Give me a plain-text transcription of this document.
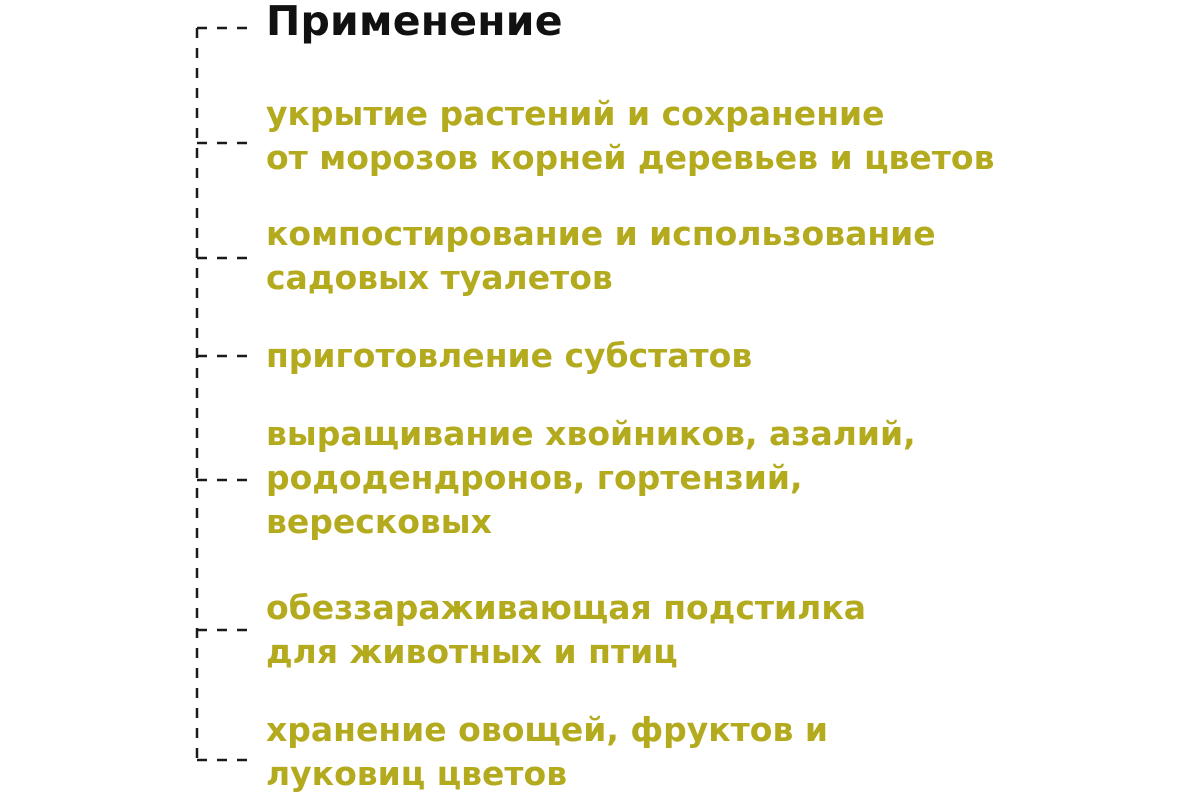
Применение

укрытие растений и сохранение
от морозов корней деревьев и цветов

компостирование и использование
садовых туалетов

приготовление субстатов

выращивание хвойников, азалий,
рододендронов, гортензий,
вересковых

обеззараживающая подстилка
для животных и птиц

хранение овощей, фруктов и
луковиц цветов
